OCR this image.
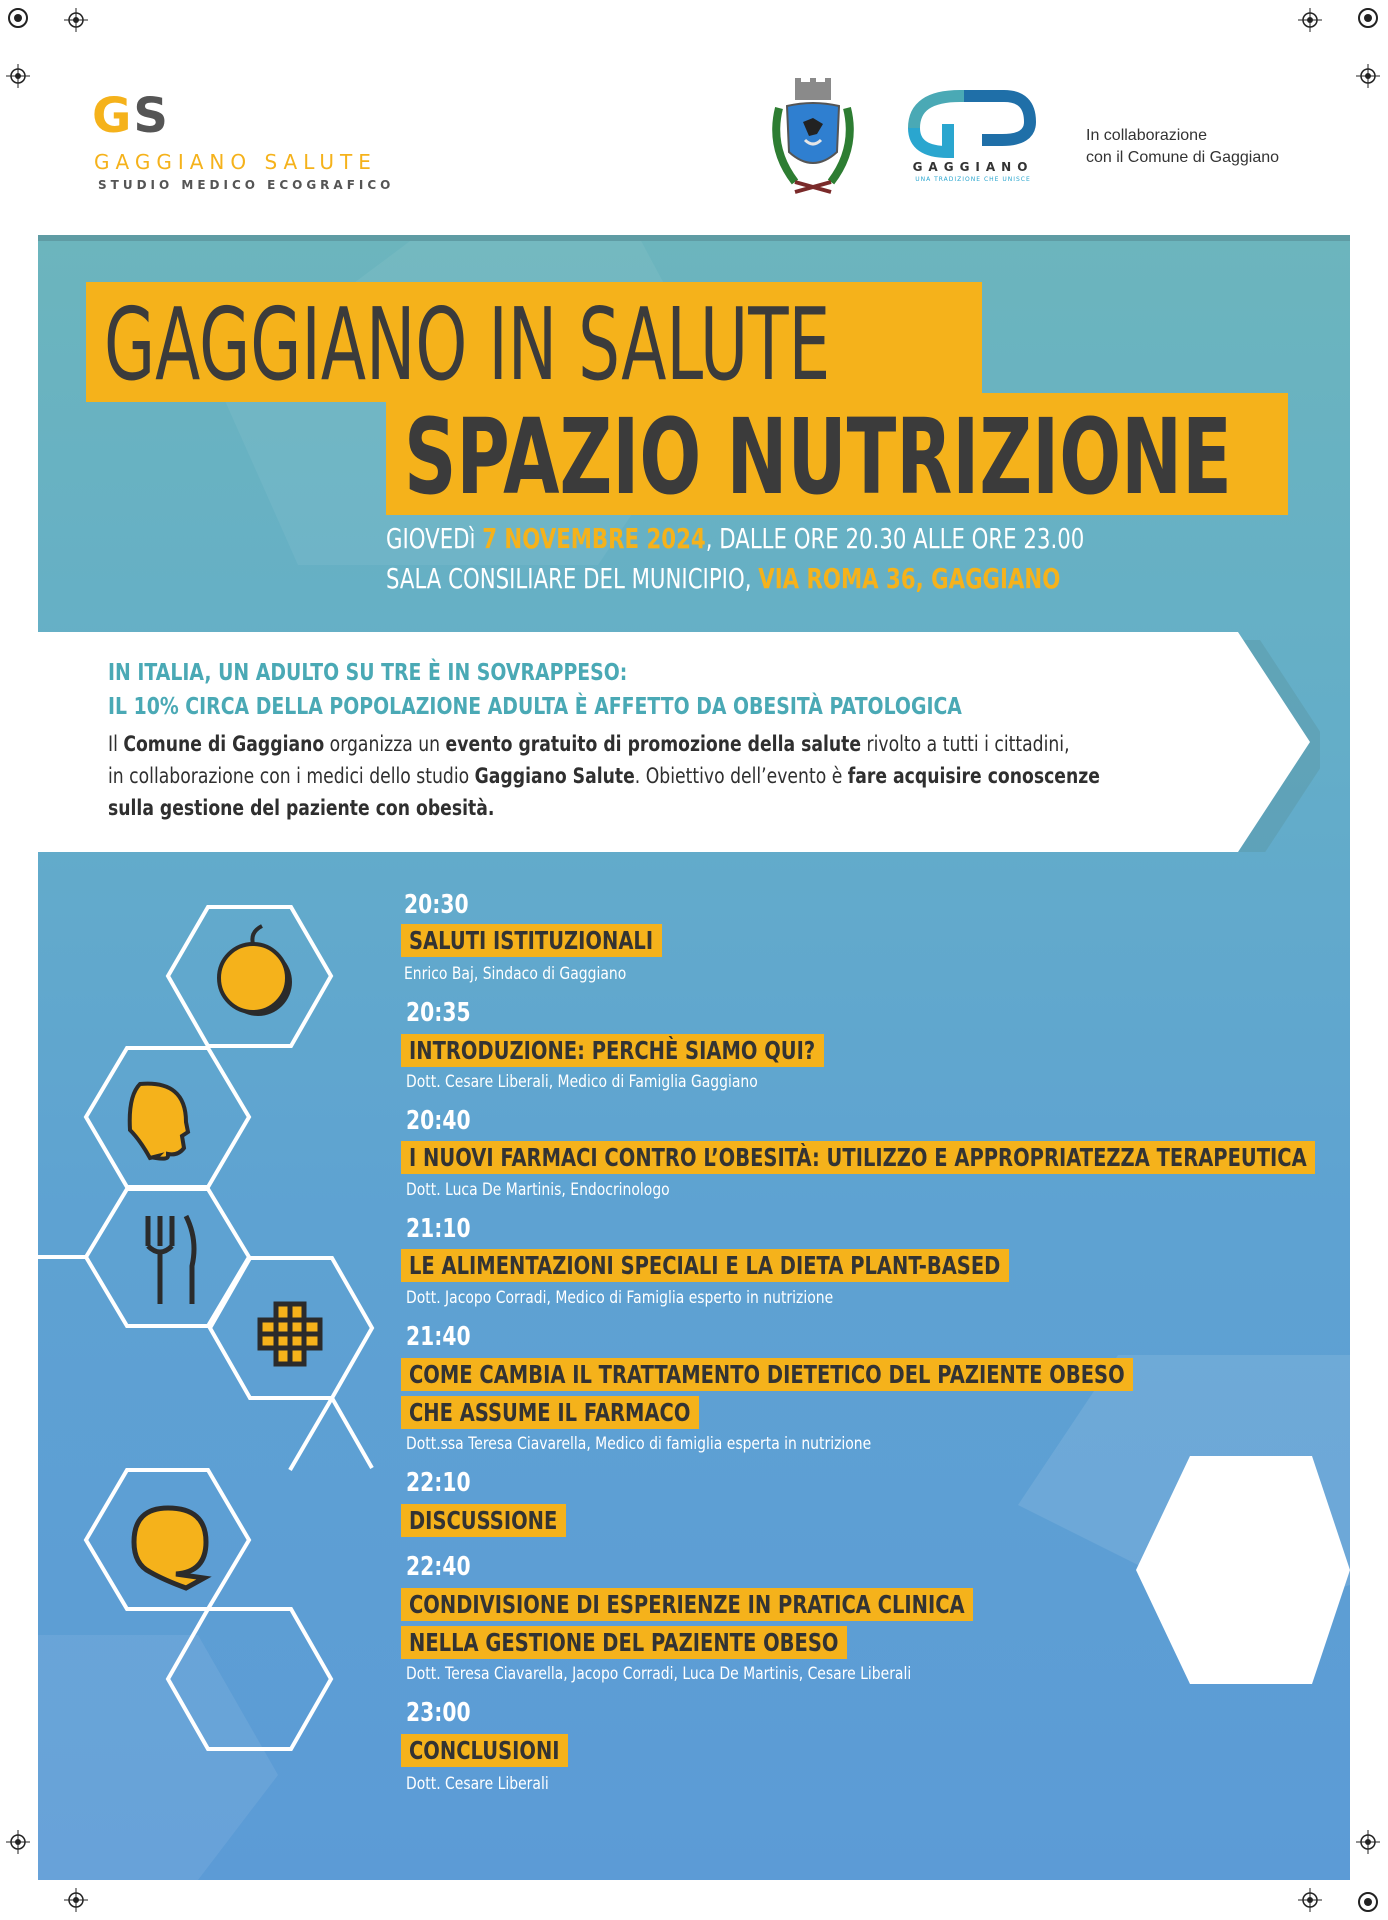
GS
GAGGIANO SALUTE
STUDIO MEDICO ECOGRAFICO
GAGGIANO
UNA TRADIZIONE CHE UNISCE
In collaborazione
con il Comune di Gaggiano
GAGGIANO IN SALUTE
SPAZIO NUTRIZIONE
GIOVEDì 7 NOVEMBRE 2024, DALLE ORE 20.30 ALLE ORE 23.00
SALA CONSILIARE DEL MUNICIPIO, VIA ROMA 36, GAGGIANO
IN ITALIA, UN ADULTO SU TRE È IN SOVRAPPESO:
IL 10% CIRCA DELLA POPOLAZIONE ADULTA È AFFETTO DA OBESITÀ PATOLOGICA
Il Comune di Gaggiano organizza un evento gratuito di promozione della salute rivolto a tutti i cittadini,
in collaborazione con i medici dello studio Gaggiano Salute. Obiettivo dell’evento è fare acquisire conoscenze
sulla gestione del paziente con obesità.
20:30
SALUTI ISTITUZIONALI
Enrico Baj, Sindaco di Gaggiano
20:35
INTRODUZIONE: PERCHÈ SIAMO QUI?
Dott. Cesare Liberali, Medico di Famiglia Gaggiano
20:40
I NUOVI FARMACI CONTRO L’OBESITÀ: UTILIZZO E APPROPRIATEZZA TERAPEUTICA
Dott. Luca De Martinis, Endocrinologo
21:10
LE ALIMENTAZIONI SPECIALI E LA DIETA PLANT-BASED
Dott. Jacopo Corradi, Medico di Famiglia esperto in nutrizione
21:40
COME CAMBIA IL TRATTAMENTO DIETETICO DEL PAZIENTE OBESO
CHE ASSUME IL FARMACO
Dott.ssa Teresa Ciavarella, Medico di famiglia esperta in nutrizione
22:10
DISCUSSIONE
22:40
CONDIVISIONE DI ESPERIENZE IN PRATICA CLINICA
NELLA GESTIONE DEL PAZIENTE OBESO
Dott. Teresa Ciavarella, Jacopo Corradi, Luca De Martinis, Cesare Liberali
23:00
CONCLUSIONI
Dott. Cesare Liberali
